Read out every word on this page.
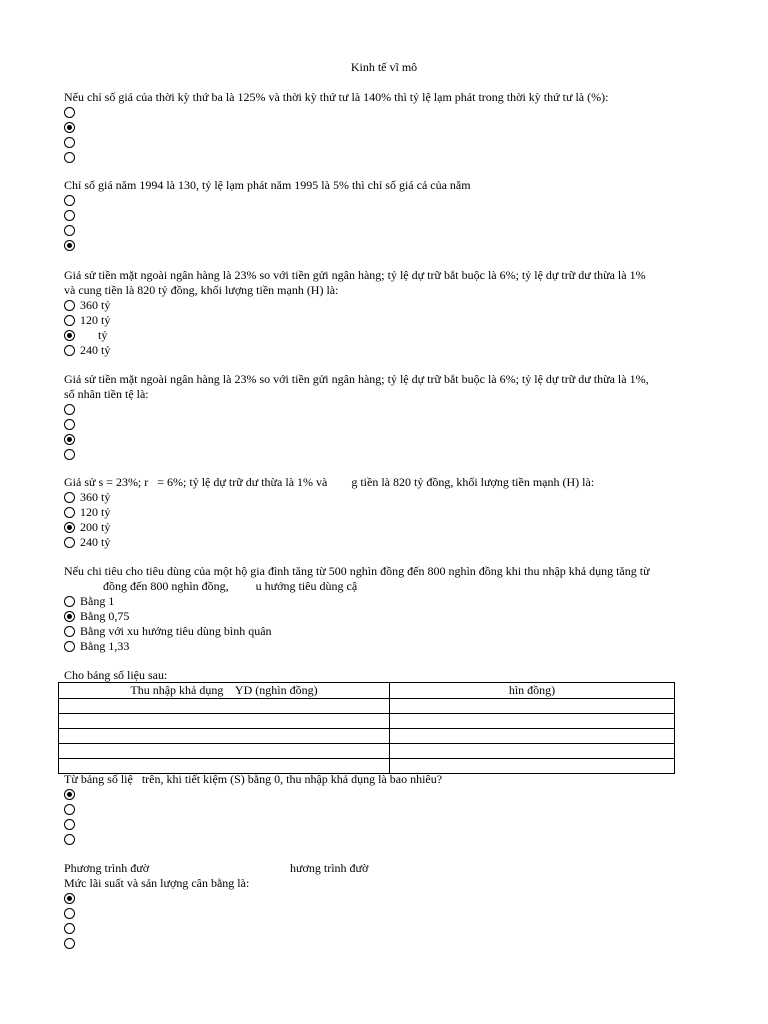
Kinh tế vĩ mô

Nếu chỉ số giá của thời kỳ thứ ba là 125% và thời kỳ thứ tư là 140% thì tỷ lệ lạm phát trong thời kỳ thứ tư là (%):

Chỉ số giá năm 1994 là 130, tỷ lệ lạm phát năm 1995 là 5% thì chỉ số giá cả của năm

Giả sử tiền mặt ngoài ngân hàng là 23% so với tiền gửi ngân hàng; tỷ lệ dự trữ bắt buộc là 6%; tỷ lệ dự trữ dư thừa là 1%
và cung tiền là 820 tỷ đồng, khối lượng tiền mạnh (H) là:

360 tỷ
120 tỷ
tỷ
240 tỷ

Giả sử tiền mặt ngoài ngân hàng là 23% so với tiền gửi ngân hàng; tỷ lệ dự trữ bắt buộc là 6%; tỷ lệ dự trữ dư thừa là 1%,
số nhân tiền tệ là:

Giả sử s = 23%; r   = 6%; tỷ lệ dự trữ dư thừa là 1% và        g tiền là 820 tỷ đồng, khối lượng tiền mạnh (H) là:

360 tỷ
120 tỷ
200 tỷ
240 tỷ

Nếu chi tiêu cho tiêu dùng của một hộ gia đình tăng từ 500 nghìn đồng đến 800 nghìn đồng khi thu nhập khả dụng tăng từ
đồng đến 800 nghìn đồng,         u hướng tiêu dùng cậ

Bằng 1
Bằng 0,75
Bằng với xu hướng tiêu dùng bình quân
Bằng 1,33

Cho bảng số liệu sau:

Thu nhập khả dụng    YD (nghìn đồng)	hìn đồng)

Từ bảng số liệ   trên, khi tiết kiệm (S) bằng 0, thu nhập khả dụng là bao nhiêu?

Phương trình đườ                                               hương trình đườ
Mức lãi suất và sản lượng cân bằng là:
